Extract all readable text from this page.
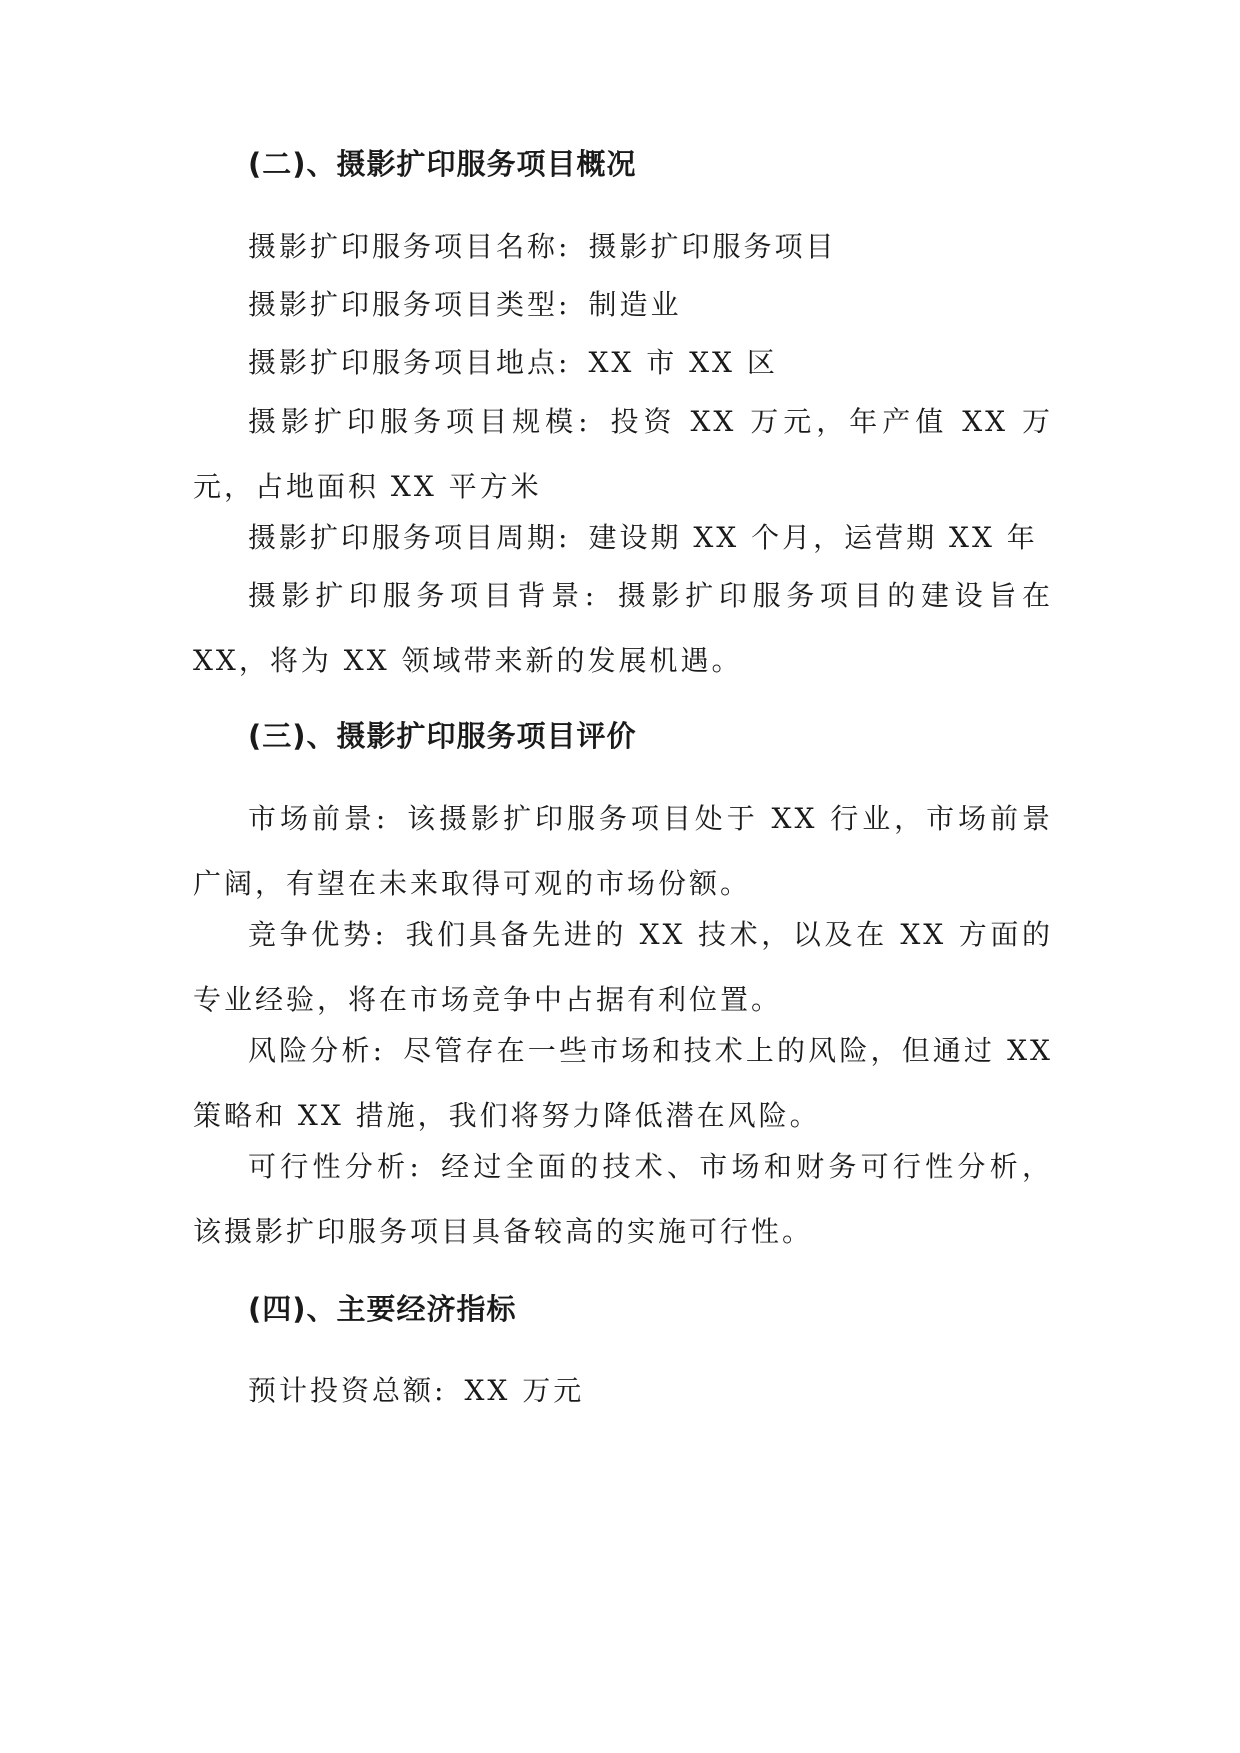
(二)、摄影扩印服务项目概况

摄影扩印服务项目名称: 摄影扩印服务项目

摄影扩印服务项目类型: 制造业

摄影扩印服务项目地点: XX 市 XX 区

摄影扩印服务项目规模: 投资 XX 万元，年产值 XX 万元，占地面积 XX 平方米

摄影扩印服务项目周期: 建设期 XX 个月，运营期 XX 年

摄影扩印服务项目背景: 摄影扩印服务项目的建设旨在 XX，将为 XX 领域带来新的发展机遇。

(三)、摄影扩印服务项目评价

市场前景: 该摄影扩印服务项目处于 XX 行业，市场前景广阔，有望在未来取得可观的市场份额。

竞争优势: 我们具备先进的 XX 技术，以及在 XX 方面的专业经验，将在市场竞争中占据有利位置。

风险分析: 尽管存在一些市场和技术上的风险，但通过 XX 策略和 XX 措施，我们将努力降低潜在风险。

可行性分析: 经过全面的技术、市场和财务可行性分析，该摄影扩印服务项目具备较高的实施可行性。

(四)、主要经济指标

预计投资总额: XX 万元
